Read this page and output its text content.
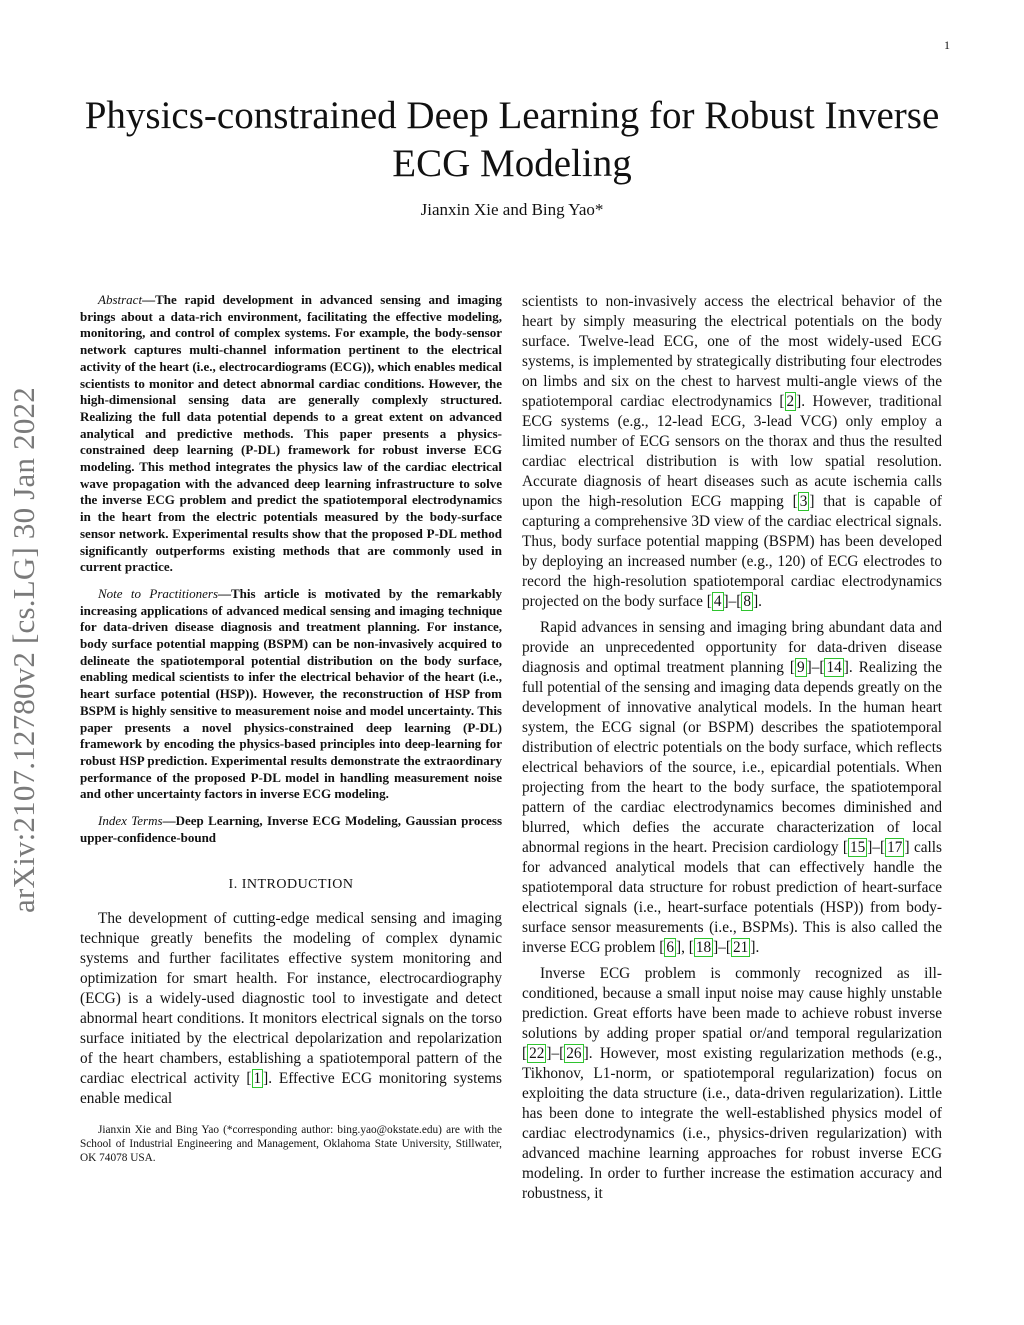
1
arXiv:2107.12780v2 [cs.LG] 30 Jan 2022
Physics-constrained Deep Learning for Robust Inverse ECG Modeling
Jianxin Xie and Bing Yao*

Abstract—The rapid development in advanced sensing and imaging brings about a data-rich environment, facilitating the effective modeling, monitoring, and control of complex systems. For example, the body-sensor network captures multi-channel information pertinent to the electrical activity of the heart (i.e., electrocardiograms (ECG)), which enables medical scientists to monitor and detect abnormal cardiac conditions. However, the high-dimensional sensing data are generally complexly structured. Realizing the full data potential depends to a great extent on advanced analytical and predictive methods. This paper presents a physics-constrained deep learning (P-DL) framework for robust inverse ECG modeling. This method integrates the physics law of the cardiac electrical wave propagation with the advanced deep learning infrastructure to solve the inverse ECG problem and predict the spatiotemporal electrodynamics in the heart from the electric potentials measured by the body-surface sensor network. Experimental results show that the proposed P-DL method significantly outperforms existing methods that are commonly used in current practice.

Note to Practitioners—This article is motivated by the remarkably increasing applications of advanced medical sensing and imaging technique for data-driven disease diagnosis and treatment planning. For instance, body surface potential mapping (BSPM) can be non-invasively acquired to delineate the spatiotemporal potential distribution on the body surface, enabling medical scientists to infer the electrical behavior of the heart (i.e., heart surface potential (HSP)). However, the reconstruction of HSP from BSPM is highly sensitive to measurement noise and model uncertainty. This paper presents a novel physics-constrained deep learning (P-DL) framework by encoding the physics-based principles into deep-learning for robust HSP prediction. Experimental results demonstrate the extraordinary performance of the proposed P-DL model in handling measurement noise and other uncertainty factors in inverse ECG modeling.

Index Terms—Deep Learning, Inverse ECG Modeling, Gaussian process upper-confidence-bound

I. INTRODUCTION

The development of cutting-edge medical sensing and imaging technique greatly benefits the modeling of complex dynamic systems and further facilitates effective system monitoring and optimization for smart health. For instance, electrocardiography (ECG) is a widely-used diagnostic tool to investigate and detect abnormal heart conditions. It monitors electrical signals on the torso surface initiated by the electrical depolarization and repolarization of the heart chambers, establishing a spatiotemporal pattern of the cardiac electrical activity [ 1 ]. Effective ECG monitoring systems enable medical

Jianxin Xie and Bing Yao (*corresponding author: bing.yao@okstate.edu) are with the School of Industrial Engineering and Management, Oklahoma State University, Stillwater, OK 74078 USA.

scientists to non-invasively access the electrical behavior of the heart by simply measuring the electrical potentials on the body surface. Twelve-lead ECG, one of the most widely-used ECG systems, is implemented by strategically distributing four electrodes on limbs and six on the chest to harvest multi-angle views of the spatiotemporal cardiac electrodynamics [ 2 ]. However, traditional ECG systems (e.g., 12-lead ECG, 3-lead VCG) only employ a limited number of ECG sensors on the thorax and thus the resulted cardiac electrical distribution is with low spatial resolution. Accurate diagnosis of heart diseases such as acute ischemia calls upon the high-resolution ECG mapping [ 3 ] that is capable of capturing a comprehensive 3D view of the cardiac electrical signals. Thus, body surface potential mapping (BSPM) has been developed by deploying an increased number (e.g., 120) of ECG electrodes to record the high-resolution spatiotemporal cardiac electrodynamics projected on the body surface [ 4 ]–[ 8 ].

Rapid advances in sensing and imaging bring abundant data and provide an unprecedented opportunity for data-driven disease diagnosis and optimal treatment planning [ 9 ]–[ 14 ]. Realizing the full potential of the sensing and imaging data depends greatly on the development of innovative analytical models. In the human heart system, the ECG signal (or BSPM) describes the spatiotemporal distribution of electric potentials on the body surface, which reflects electrical behaviors of the source, i.e., epicardial potentials. When projecting from the heart to the body surface, the spatiotemporal pattern of the cardiac electrodynamics becomes diminished and blurred, which defies the accurate characterization of local abnormal regions in the heart. Precision cardiology [ 15 ]–[ 17 ] calls for advanced analytical models that can effectively handle the spatiotemporal data structure for robust prediction of heart-surface electrical signals (i.e., heart-surface potentials (HSP)) from body-surface sensor measurements (i.e., BSPMs). This is also called the inverse ECG problem [ 6 ], [ 18 ]–[ 21 ].

Inverse ECG problem is commonly recognized as ill-conditioned, because a small input noise may cause highly unstable prediction. Great efforts have been made to achieve robust inverse solutions by adding proper spatial or/and temporal regularization [ 22 ]–[ 26 ]. However, most existing regularization methods (e.g., Tikhonov, L1-norm, or spatiotemporal regularization) focus on exploiting the data structure (i.e., data-driven regularization). Little has been done to integrate the well-established physics model of cardiac electrodynamics (i.e., physics-driven regularization) with advanced machine learning approaches for robust inverse ECG modeling. In order to further increase the estimation accuracy and robustness, it
